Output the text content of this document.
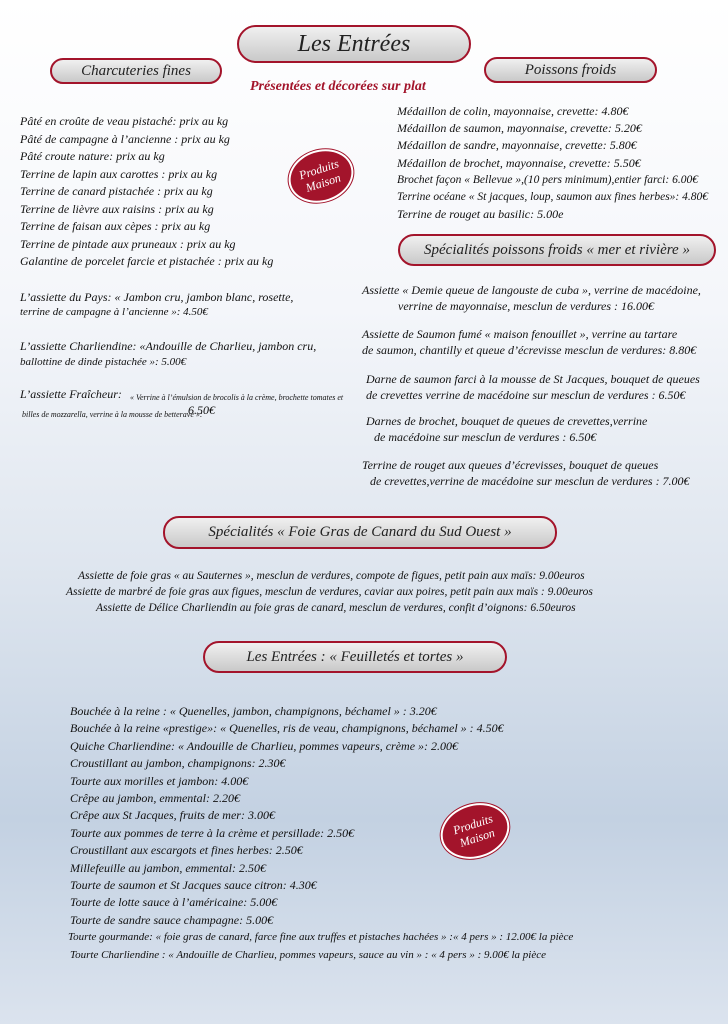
Les Entrées
Charcuteries fines	Poissons froids
Présentées et décorées sur plat
Produits Maison
Pâté en croûte de veau pistaché: prix au kg
Pâté de campagne à l’ancienne : prix au kg
Pâté croute nature: prix au kg
Terrine de lapin aux carottes : prix au kg
Terrine de canard pistachée : prix au kg
Terrine de lièvre aux raisins : prix au kg
Terrine de faisan aux cèpes : prix au kg
Terrine de pintade aux pruneaux : prix au kg
Galantine de porcelet farcie et pistachée : prix au kg
L’assiette du Pays: « Jambon cru, jambon blanc, rosette,
terrine de campagne à l’ancienne »: 4.50€
L’assiette Charliendine: «Andouille de Charlieu, jambon cru,
ballottine de dinde pistachée »: 5.00€
L’assiette Fraîcheur: « Verrine à l’émulsion de brocolis à la crème, brochette tomates et
billes de mozzarella, verrine à la mousse de betterave »:
6.50€
Médaillon de colin, mayonnaise, crevette: 4.80€
Médaillon de saumon, mayonnaise, crevette: 5.20€
Médaillon de sandre, mayonnaise, crevette: 5.80€
Médaillon de brochet, mayonnaise, crevette: 5.50€
Brochet façon « Bellevue »,(10 pers minimum),entier farci: 6.00€
Terrine océane « St jacques, loup, saumon aux fines herbes»: 4.80€
Terrine de rouget au basilic: 5.00e
Spécialités poissons froids « mer et rivière »
Assiette « Demie queue de langouste de cuba », verrine de macédoine,
verrine de mayonnaise, mesclun de verdures : 16.00€
Assiette de Saumon fumé « maison fenouillet », verrine au tartare
de saumon, chantilly et queue d’écrevisse mesclun de verdures: 8.80€
Darne de saumon farci à la mousse de St Jacques, bouquet de queues
de crevettes verrine de macédoine sur mesclun de verdures : 6.50€
Darnes de brochet, bouquet de queues de crevettes,verrine
de macédoine sur mesclun de verdures : 6.50€
Terrine de rouget aux queues d’écrevisses, bouquet de queues
de crevettes,verrine de macédoine sur mesclun de verdures : 7.00€
Spécialités « Foie Gras de Canard du Sud Ouest »
Assiette de foie gras « au Sauternes », mesclun de verdures, compote de figues, petit pain aux maïs: 9.00euros
Assiette de marbré de foie gras aux figues, mesclun de verdures, caviar aux poires, petit pain aux maïs : 9.00euros
Assiette de Délice Charliendin au foie gras de canard, mesclun de verdures, confit d’oignons: 6.50euros
Les Entrées : « Feuilletés et tortes »
Bouchée à la reine : « Quenelles, jambon, champignons, béchamel » : 3.20€
Bouchée à la reine «prestige»: « Quenelles, ris de veau, champignons, béchamel » : 4.50€
Quiche Charliendine: « Andouille de Charlieu, pommes vapeurs, crème »: 2.00€
Croustillant au jambon, champignons: 2.30€
Tourte aux morilles et jambon: 4.00€
Crêpe au jambon, emmental: 2.20€
Crêpe aux St Jacques, fruits de mer: 3.00€
Tourte aux pommes de terre à la crème et persillade: 2.50€
Croustillant aux escargots et fines herbes: 2.50€
Millefeuille au jambon, emmental: 2.50€
Tourte de saumon et St Jacques sauce citron: 4.30€
Tourte de lotte sauce à l’américaine: 5.00€
Tourte de sandre sauce champagne: 5.00€
Tourte gourmande: « foie gras de canard, farce fine aux truffes et pistaches hachées » :« 4 pers » : 12.00€ la pièce
Tourte Charliendine : « Andouille de Charlieu, pommes vapeurs, sauce au vin » : « 4 pers » : 9.00€ la pièce
Produits Maison
